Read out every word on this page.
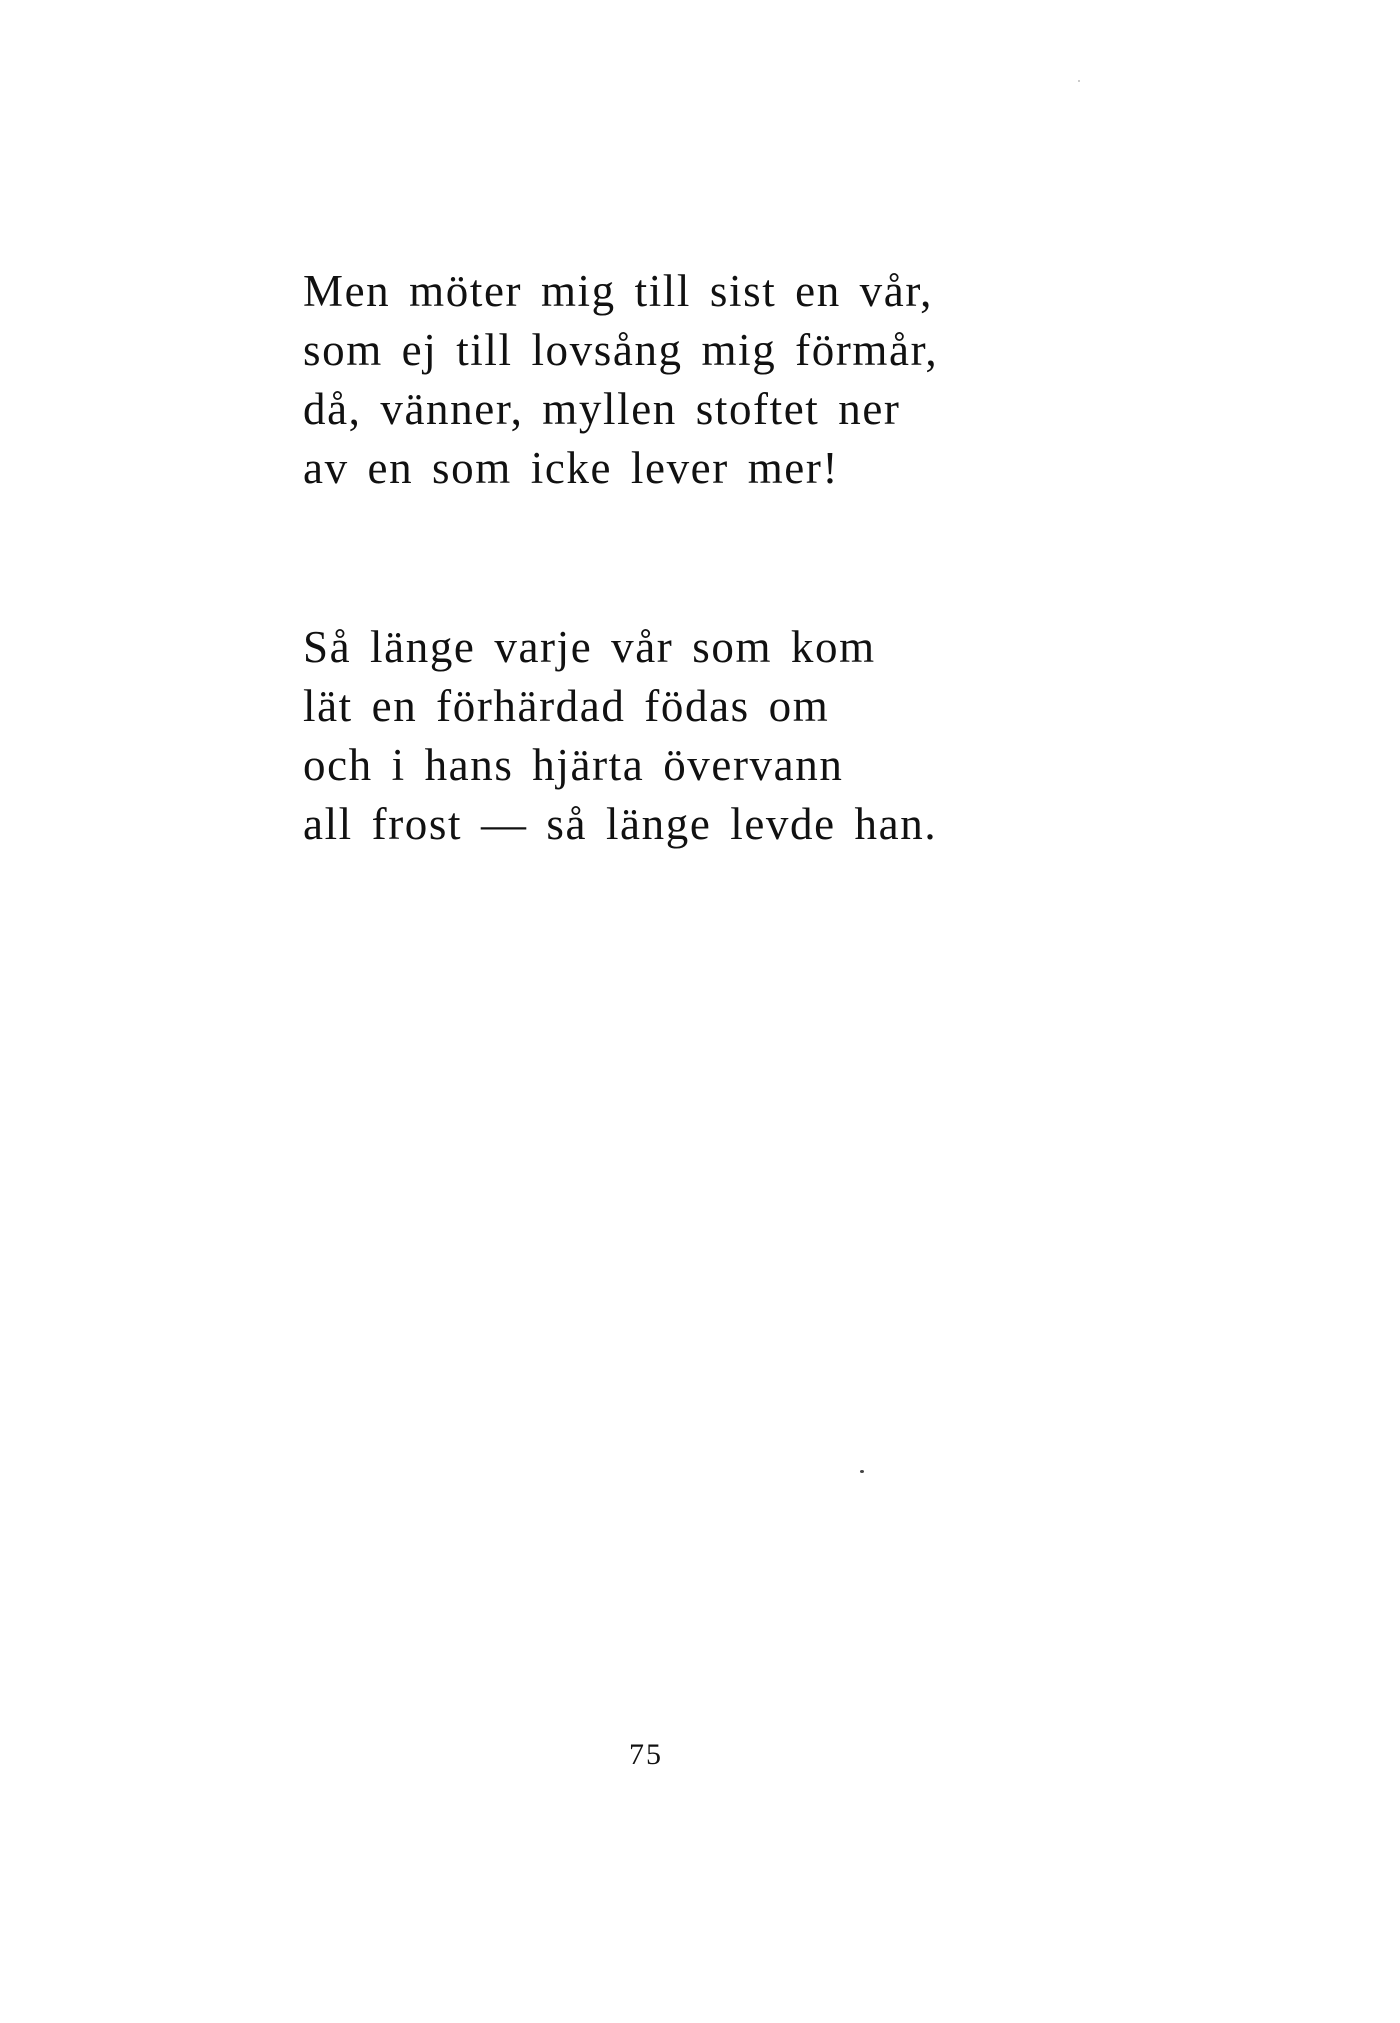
Men möter mig till sist en vår,
som ej till lovsång mig förmår,
då, vänner, myllen stoftet ner
av en som icke lever mer!
Så länge varje vår som kom
lät en förhärdad födas om
och i hans hjärta övervann
all frost — så länge levde han.
75
